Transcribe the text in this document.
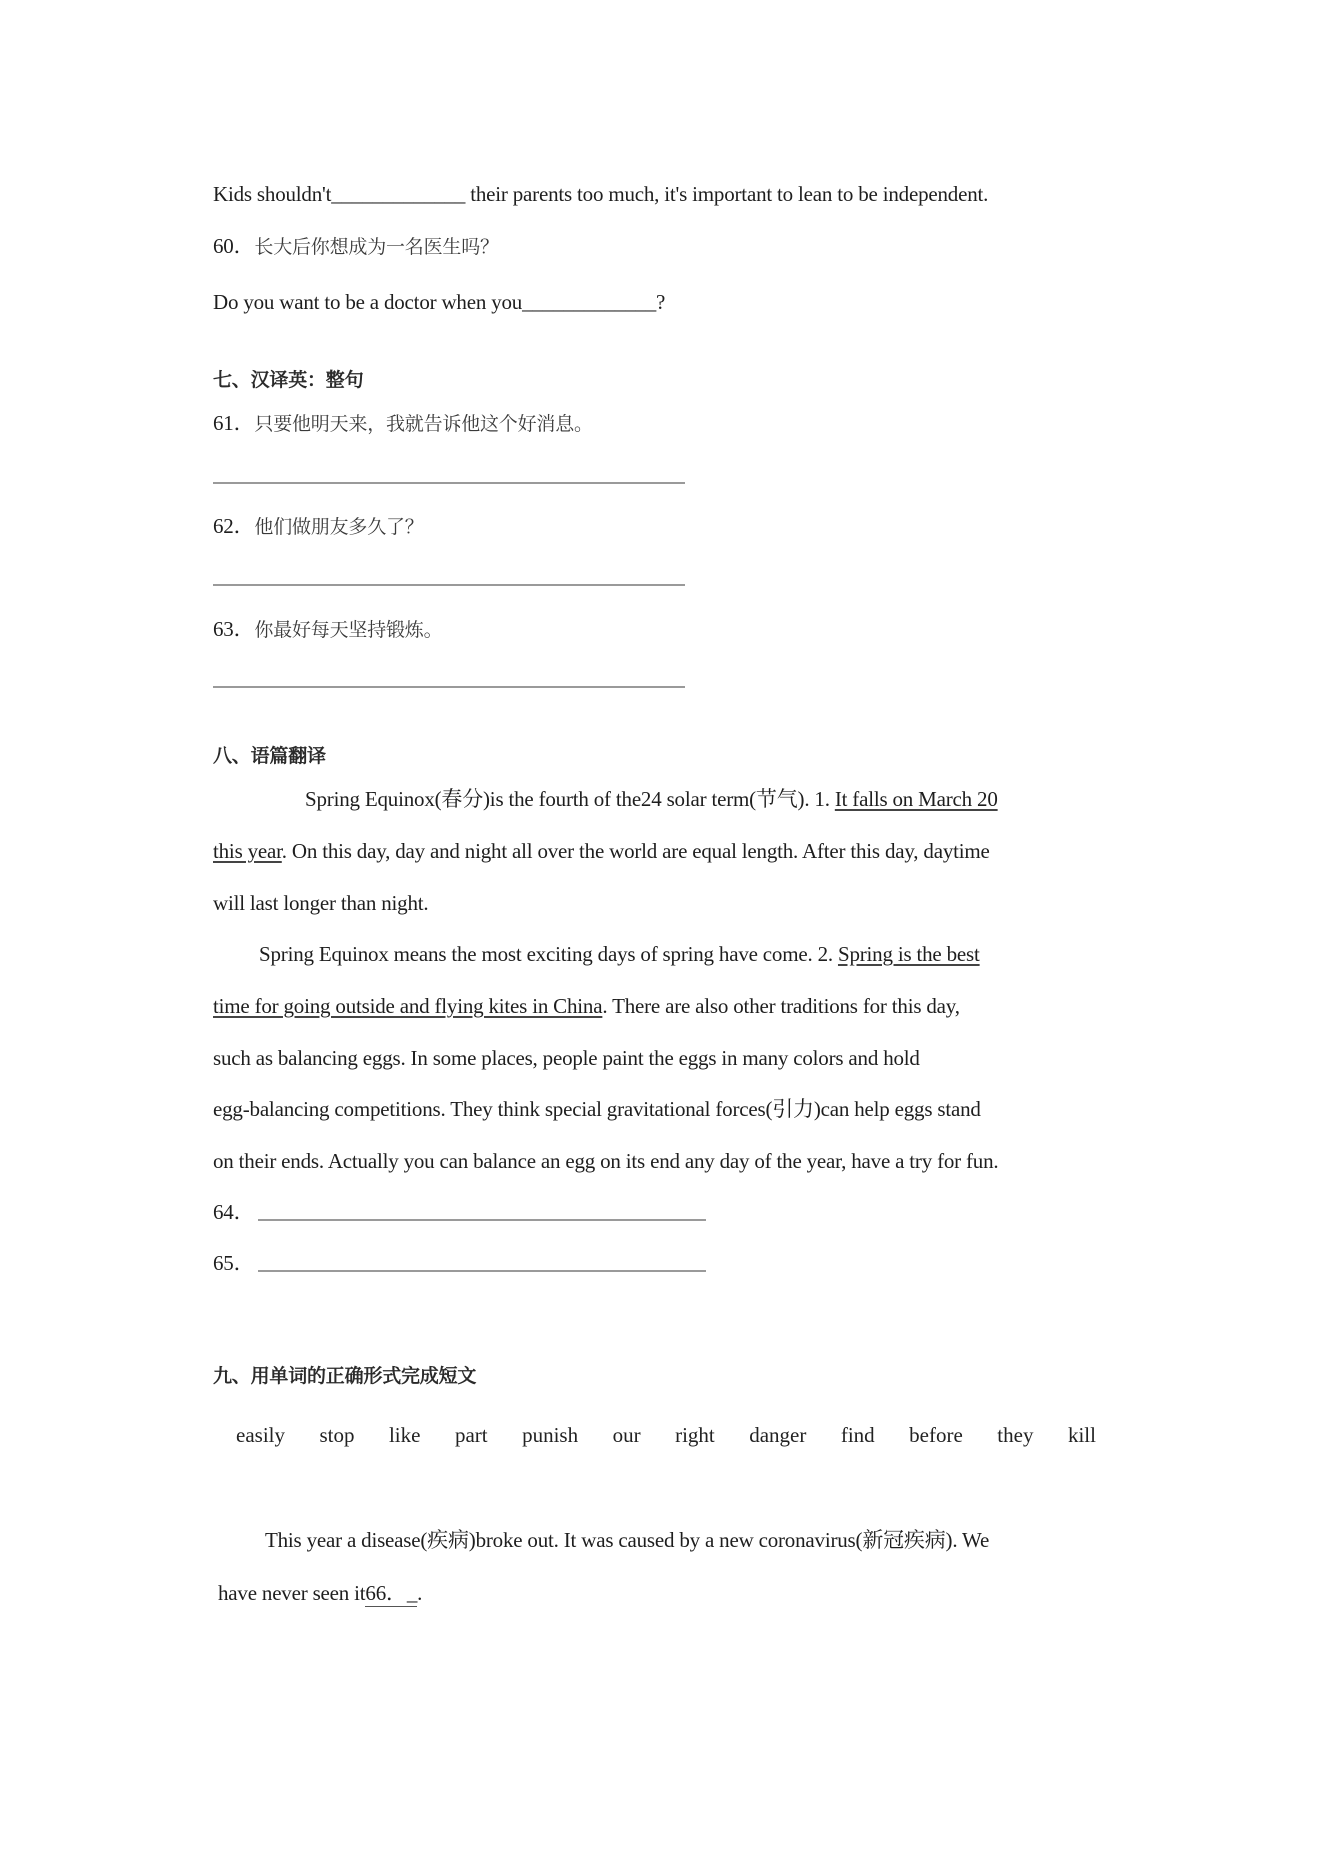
Kids shouldn't_____________ their parents too much, it's important to lean to be independent.
60．长大后你想成为一名医生吗？
Do you want to be a doctor when you_____________?
七、汉译英：整句
61．只要他明天来，我就告诉他这个好消息。
62．他们做朋友多久了？
63．你最好每天坚持锻炼。
八、语篇翻译
Spring Equinox(春分)is the fourth of the24 solar term(节气). 1. It falls on March 20
this year. On this day, day and night all over the world are equal length. After this day, daytime
will last longer than night.
Spring Equinox means the most exciting days of spring have come. 2. Spring is the best
time for going outside and flying kites in China. There are also other traditions for this day,
such as balancing eggs. In some places, people paint the eggs in many colors and hold
egg-balancing competitions. They think special gravitational forces(引力)can help eggs stand
on their ends. Actually you can balance an egg on its end any day of the year, have a try for fun.
64．
65．
九、用单词的正确形式完成短文
easily stop like part punish our right danger find before they kill
This year a disease(疾病)broke out. It was caused by a new coronavirus(新冠疾病). We
have never seen it66．_.
